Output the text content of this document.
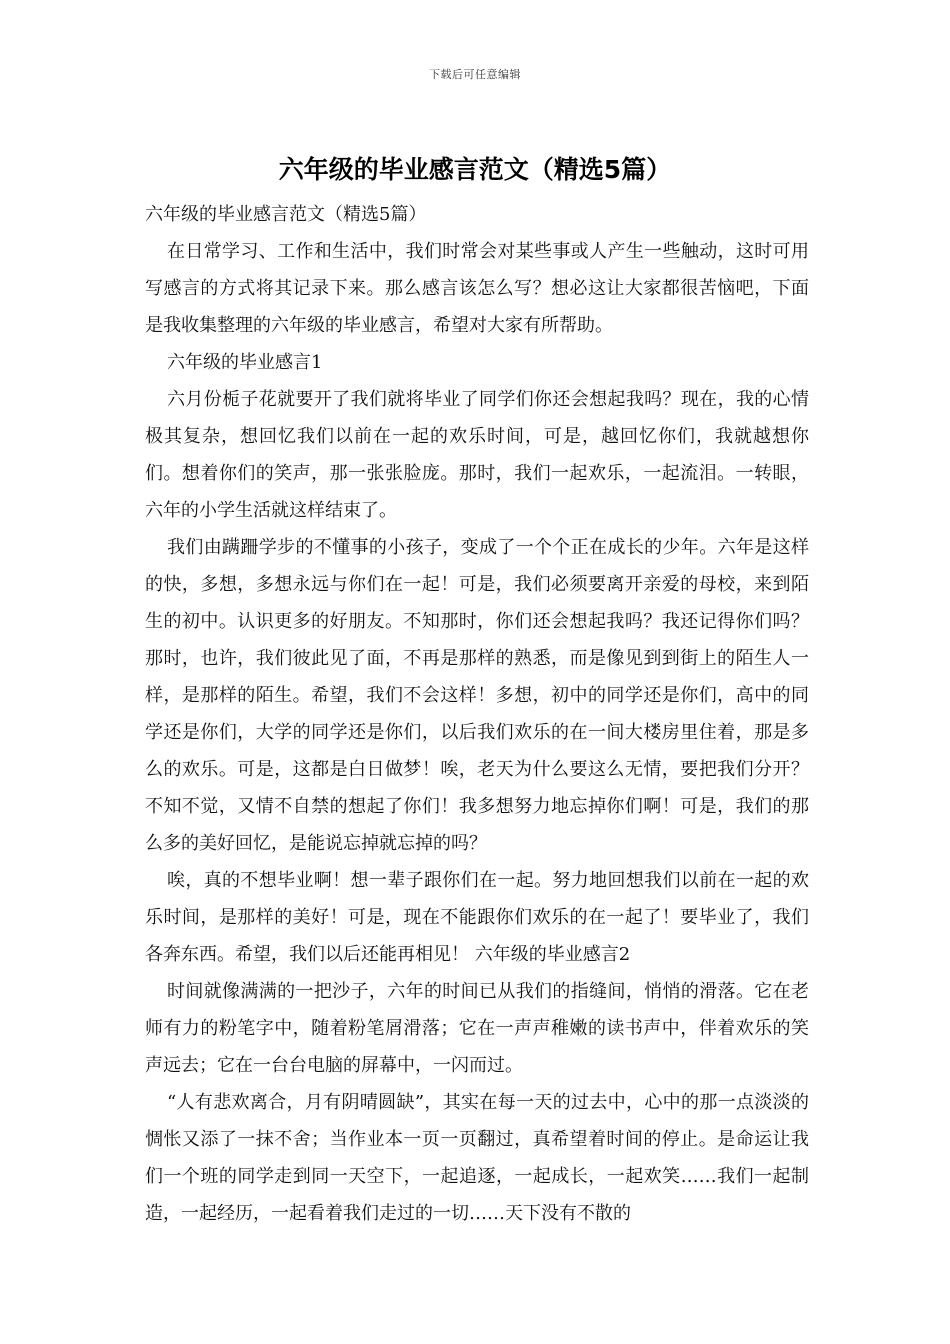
下载后可任意编辑
六年级的毕业感言范文（精选5篇）

六年级的毕业感言范文（精选5篇）

在日常学习、工作和生活中，我们时常会对某些事或人产生一些触动，这时可用写感言的方式将其记录下来。那么感言该怎么写？想必这让大家都很苦恼吧，下面是我收集整理的六年级的毕业感言，希望对大家有所帮助。

六年级的毕业感言1

六月份栀子花就要开了我们就将毕业了同学们你还会想起我吗？现在，我的心情极其复杂，想回忆我们以前在一起的欢乐时间，可是，越回忆你们，我就越想你们。想着你们的笑声，那一张张脸庞。那时，我们一起欢乐，一起流泪。一转眼，六年的小学生活就这样结束了。

我们由蹒跚学步的不懂事的小孩子，变成了一个个正在成长的少年。六年是这样的快，多想，多想永远与你们在一起！可是，我们必须要离开亲爱的母校，来到陌生的初中。认识更多的好朋友。不知那时，你们还会想起我吗？我还记得你们吗？那时，也许，我们彼此见了面，不再是那样的熟悉，而是像见到到街上的陌生人一样，是那样的陌生。希望，我们不会这样！多想，初中的同学还是你们，高中的同学还是你们，大学的同学还是你们，以后我们欢乐的在一间大楼房里住着，那是多么的欢乐。可是，这都是白日做梦！唉，老天为什么要这么无情，要把我们分开？不知不觉，又情不自禁的想起了你们！我多想努力地忘掉你们啊！可是，我们的那么多的美好回忆，是能说忘掉就忘掉的吗？

唉，真的不想毕业啊！想一辈子跟你们在一起。努力地回想我们以前在一起的欢乐时间，是那样的美好！可是，现在不能跟你们欢乐的在一起了！要毕业了，我们各奔东西。希望，我们以后还能再相见！ 六年级的毕业感言2

时间就像满满的一把沙子，六年的时间已从我们的指缝间，悄悄的滑落。它在老师有力的粉笔字中，随着粉笔屑滑落；它在一声声稚嫩的读书声中，伴着欢乐的笑声远去；它在一台台电脑的屏幕中，一闪而过。

“人有悲欢离合，月有阴晴圆缺”，其实在每一天的过去中，心中的那一点淡淡的惆怅又添了一抹不舍；当作业本一页一页翻过，真希望着时间的停止。是命运让我们一个班的同学走到同一天空下，一起追逐，一起成长，一起欢笑……我们一起制造，一起经历，一起看着我们走过的一切……天下没有不散的
